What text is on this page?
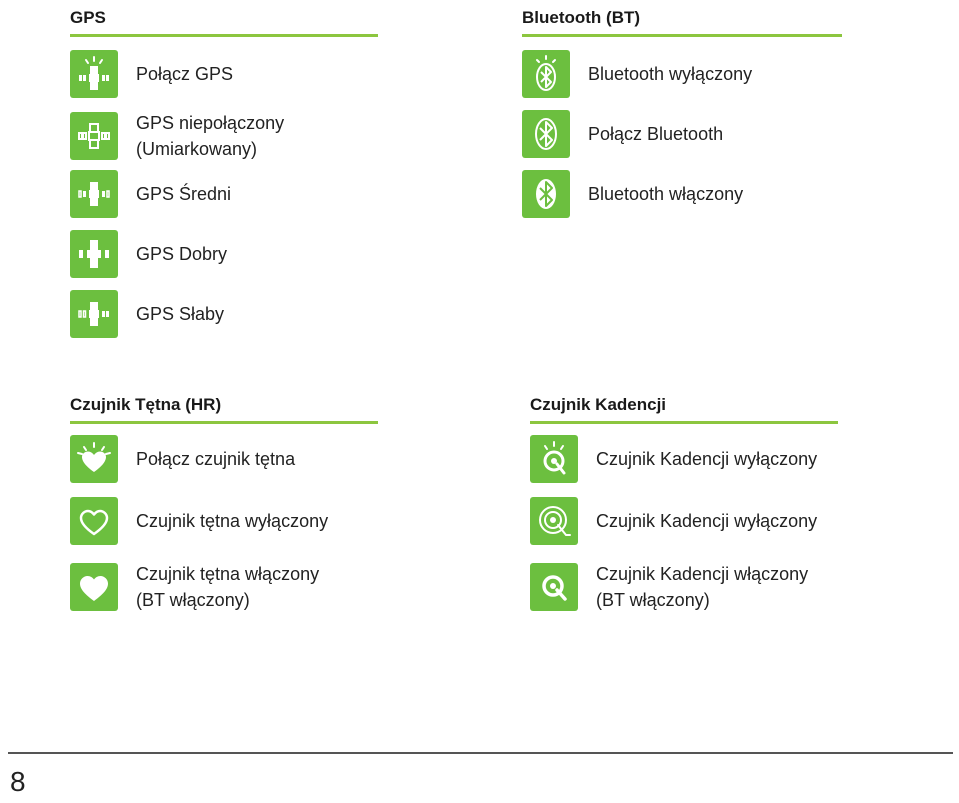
GPS
Połącz GPS
GPS niepołączony
(Umiarkowany)
GPS Średni
GPS Dobry
GPS Słaby
Bluetooth (BT)
Bluetooth wyłączony
Połącz Bluetooth
Bluetooth włączony
Czujnik Tętna (HR)
Połącz czujnik tętna
Czujnik tętna wyłączony
Czujnik tętna włączony
(BT włączony)
Czujnik Kadencji
Czujnik Kadencji wyłączony
Czujnik Kadencji wyłączony
Czujnik Kadencji włączony
(BT włączony)
8
